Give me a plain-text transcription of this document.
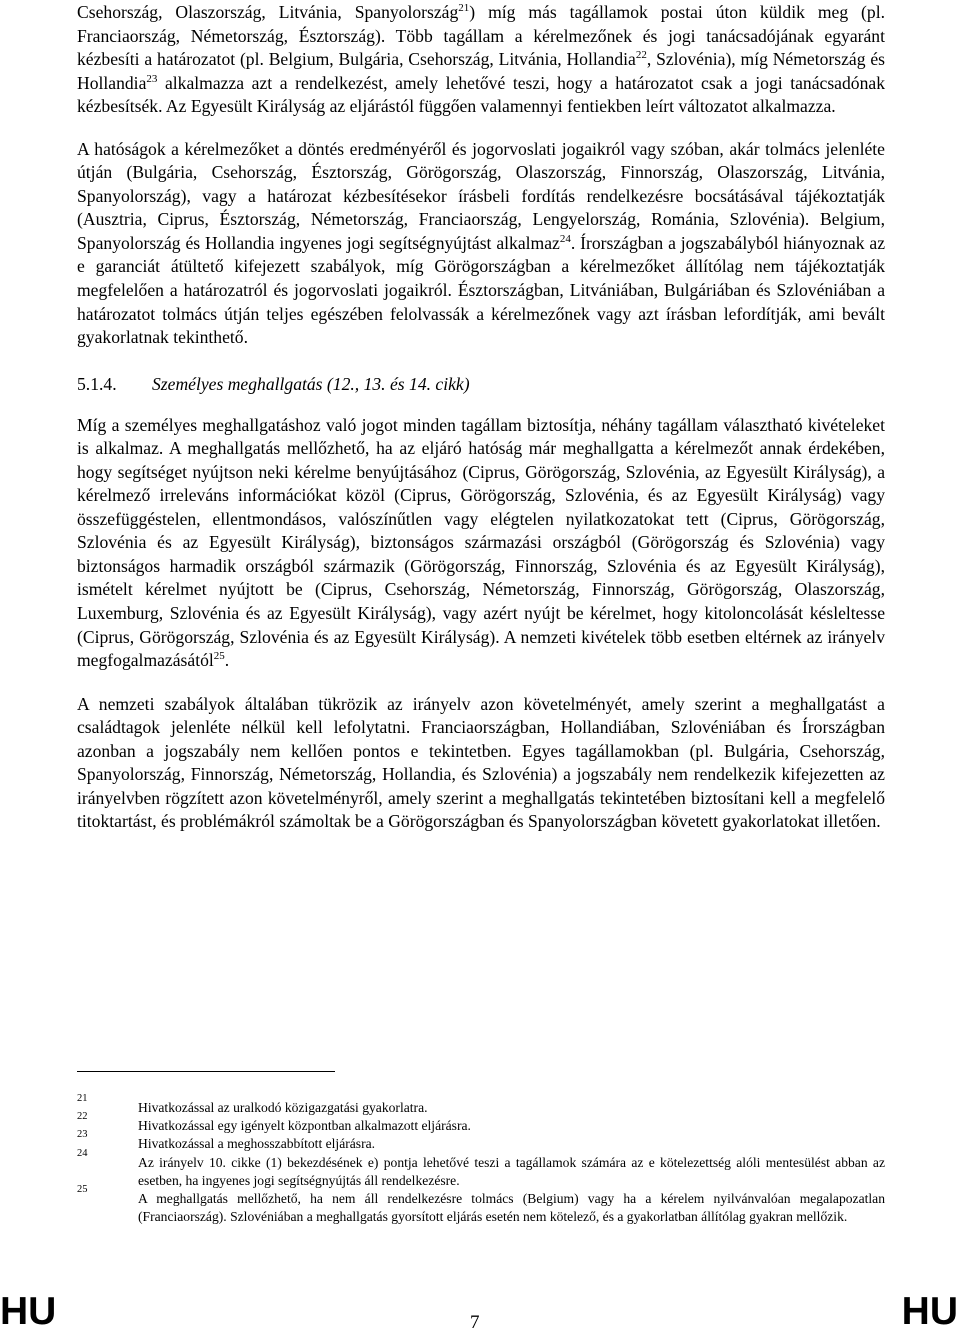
Csehország, Olaszország, Litvánia, Spanyolország$^{21}$) míg más tagállamok postai úton küldik meg (pl. Franciaország, Németország, Észtország). Több tagállam a kérelmezőnek és jogi tanácsadójának egyaránt kézbesíti a határozatot (pl. Belgium, Bulgária, Csehország, Litvánia, Hollandia$^{22}$, Szlovénia), míg Németország és Hollandia$^{23}$ alkalmazza azt a rendelkezést, amely lehetővé teszi, hogy a határozatot csak a jogi tanácsadónak kézbesítsék. Az Egyesült Királyság az eljárástól függően valamennyi fentiekben leírt változatot alkalmazza.

A hatóságok a kérelmezőket a döntés eredményéről és jogorvoslati jogaikról vagy szóban, akár tolmács jelenléte útján (Bulgária, Csehország, Észtország, Görögország, Olaszország, Finnország, Olaszország, Litvánia, Spanyolország), vagy a határozat kézbesítésekor írásbeli fordítás rendelkezésre bocsátásával tájékoztatják (Ausztria, Ciprus, Észtország, Németország, Franciaország, Lengyelország, Románia, Szlovénia). Belgium, Spanyolország és Hollandia ingyenes jogi segítségnyújtást alkalmaz$^{24}$. Írországban a jogszabályból hiányoznak az e garanciát átültető kifejezett szabályok, míg Görögországban a kérelmezőket állítólag nem tájékoztatják megfelelően a határozatról és jogorvoslati jogaikról. Észtországban, Litvániában, Bulgáriában és Szlovéniában a határozatot tolmács útján teljes egészében felolvassák a kérelmezőnek vagy azt írásban lefordítják, ami bevált gyakorlatnak tekinthető.

5.1.4.	Személyes meghallgatás (12., 13. és 14. cikk)

Míg a személyes meghallgatáshoz való jogot minden tagállam biztosítja, néhány tagállam választható kivételeket is alkalmaz. A meghallgatás mellőzhető, ha az eljáró hatóság már meghallgatta a kérelmezőt annak érdekében, hogy segítséget nyújtson neki kérelme benyújtásához (Ciprus, Görögország, Szlovénia, az Egyesült Királyság), a kérelmező irreleváns információkat közöl (Ciprus, Görögország, Szlovénia, és az Egyesült Királyság) vagy összefüggéstelen, ellentmondásos, valószínűtlen vagy elégtelen nyilatkozatokat tett (Ciprus, Görögország, Szlovénia és az Egyesült Királyság), biztonságos származási országból (Görögország és Szlovénia) vagy biztonságos harmadik országból származik (Görögország, Finnország, Szlovénia és az Egyesült Királyság), ismételt kérelmet nyújtott be (Ciprus, Csehország, Németország, Finnország, Görögország, Olaszország, Luxemburg, Szlovénia és az Egyesült Királyság), vagy azért nyújt be kérelmet, hogy kitoloncolását késleltesse (Ciprus, Görögország, Szlovénia és az Egyesült Királyság). A nemzeti kivételek több esetben eltérnek az irányelv megfogalmazásától$^{25}$.

A nemzeti szabályok általában tükrözik az irányelv azon követelményét, amely szerint a meghallgatást a családtagok jelenléte nélkül kell lefolytatni. Franciaországban, Hollandiában, Szlovéniában és Írországban azonban a jogszabály nem kellően pontos e tekintetben. Egyes tagállamokban (pl. Bulgária, Csehország, Spanyolország, Finnország, Németország, Hollandia, és Szlovénia) a jogszabály nem rendelkezik kifejezetten az irányelvben rögzített azon követelményről, amely szerint a meghallgatás tekintetében biztosítani kell a megfelelő titoktartást, és problémákról számoltak be a Görögországban és Spanyolországban követett gyakorlatokat illetően.

21
Hivatkozással az uralkodó közigazgatási gyakorlatra.
22
Hivatkozással egy igényelt központban alkalmazott eljárásra.
23
Hivatkozással a meghosszabbított eljárásra.
24
Az irányelv 10. cikke (1) bekezdésének e) pontja lehetővé teszi a tagállamok számára az e kötelezettség alóli mentesülést abban az esetben, ha ingyenes jogi segítségnyújtás áll rendelkezésre.
25
A meghallgatás mellőzhető, ha nem áll rendelkezésre tolmács (Belgium) vagy ha a kérelem nyilvánvalóan megalapozatlan (Franciaország). Szlovéniában a meghallgatás gyorsított eljárás esetén nem kötelező, és a gyakorlatban állítólag gyakran mellőzik.
HU	7	HU
